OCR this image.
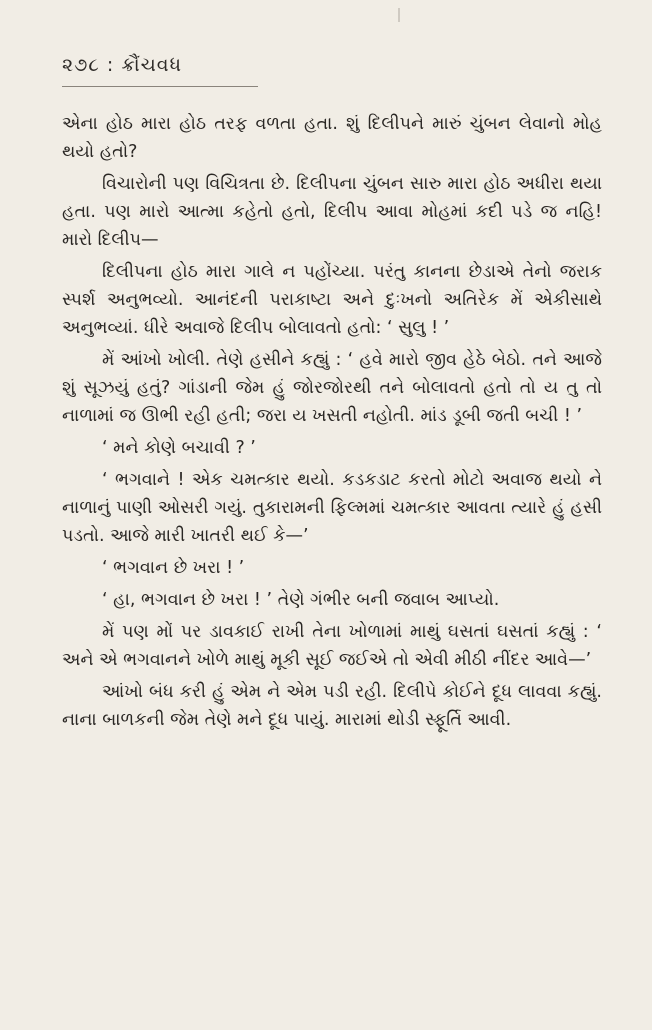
૨૭૮ : ક્રૌંચવધ

એના હોઠ મારા હોઠ તરફ વળતા હતા. શું દિલીપને મારું ચુંબન લેવાનો મોહ થયો હતો?

વિચારોની પણ વિચિત્રતા છે. દિલીપના ચુંબન સારુ મારા હોઠ અધીરા થયા હતા. પણ મારો આત્મા કહેતો હતો, દિલીપ આવા મોહમાં કદી પડે જ નહિ! મારો દિલીપ—

દિલીપના હોઠ મારા ગાલે ન પહોંચ્યા. પરંતુ કાનના છેડાએ તેનો જરાક સ્પર્શ અનુભવ્યો. આનંદની પરાકાષ્ટા અને દુઃખનો અતિરેક મેં એકીસાથે અનુભવ્યાં. ધીરે અવાજે દિલીપ બોલાવતો હતો: ‘ સુલુ ! ’

મેં આંખો ખોલી. તેણે હસીને કહ્યું : ‘ હવે મારો જીવ હેઠે બેઠો. તને આજે શું સૂઝયું હતું? ગાંડાની જેમ હું જોરજોરથી તને બોલાવતો હતો તો ય તુ તો નાળામાં જ ઊભી રહી હતી; જરા ય ખસતી નહોતી. માંડ ડૂબી જતી બચી ! ’

‘ મને કોણે બચાવી ? ’

‘ ભગવાને ! એક ચમત્કાર થયો. કડકડાટ કરતો મોટો અવાજ થયો ને નાળાનું પાણી ઓસરી ગયું. તુકારામની ફિલ્મમાં ચમત્કાર આવતા ત્યારે હું હસી પડતો. આજે મારી ખાતરી થઈ કે—’

‘ ભગવાન છે ખરા ! ’

‘ હા, ભગવાન છે ખરા ! ’ તેણે ગંભીર બની જવાબ આપ્યો.

મેં પણ મોં પર ડાવકાઈ રાખી તેના ખોળામાં માથું ઘસતાં ઘસતાં કહ્યું : ‘ અને એ ભગવાનને ખોળે માથું મૂકી સૂઈ જઈએ તો એવી મીઠી નીંદર આવે—’

આંખો બંધ કરી હું એમ ને એમ પડી રહી. દિલીપે કોઈને દૂધ લાવવા કહ્યું. નાના બાળકની જેમ તેણે મને દૂધ પાયું. મારામાં થોડી સ્ફૂર્તિ આવી.
